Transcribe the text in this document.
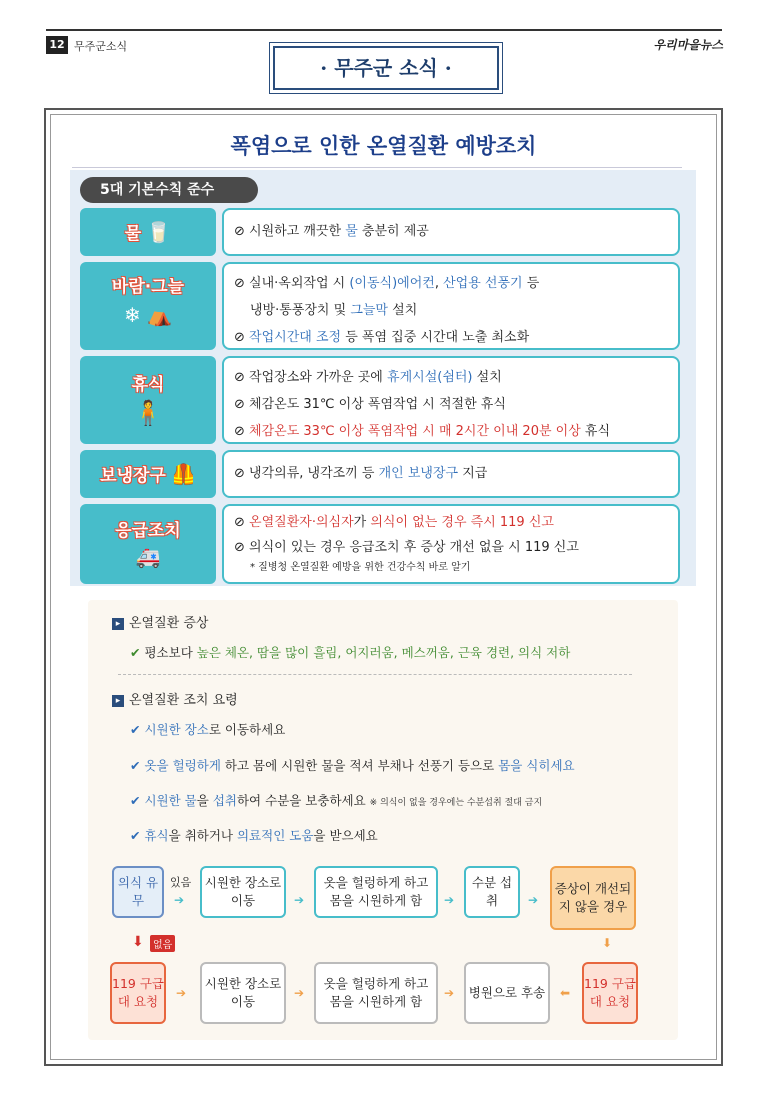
12 무주군소식	우리마을뉴스
· 무주군 소식 ·
폭염으로 인한 온열질환 예방조치
5대 기본수칙 준수
물 🥛	⊘ 시원하고 깨끗한 물 충분히 제공
바람·그늘
❄ ⛺
⊘ 실내·옥외작업 시 (이동식)에어컨, 산업용 선풍기 등
냉방·통풍장치 및 그늘막 설치
⊘ 작업시간대 조정 등 폭염 집중 시간대 노출 최소화
휴식
🧍
⊘ 작업장소와 가까운 곳에 휴게시설(쉼터) 설치
⊘ 체감온도 31℃ 이상 폭염작업 시 적절한 휴식
⊘ 체감온도 33℃ 이상 폭염작업 시 매 2시간 이내 20분 이상 휴식
보냉장구 🦺	⊘ 냉각의류, 냉각조끼 등 개인 보냉장구 지급
응급조치
🚑
⊘ 온열질환자·의심자가 의식이 없는 경우 즉시 119 신고
⊘ 의식이 있는 경우 응급조치 후 증상 개선 없을 시 119 신고
* 질병청 온열질환 예방을 위한 건강수칙 바로 알기
▸ 온열질환 증상
✔ 평소보다 높은 체온, 땀을 많이 흘림, 어지러움, 메스꺼움, 근육 경련, 의식 저하
▸ 온열질환 조치 요령
✔ 시원한 장소로 이동하세요
✔ 옷을 헐렁하게 하고 몸에 시원한 물을 적셔 부채나 선풍기 등으로 몸을 식히세요
✔ 시원한 물을 섭취하여 수분을 보충하세요 ※ 의식이 없을 경우에는 수분섭취 절대 금지
✔ 휴식을 취하거나 의료적인 도움을 받으세요
의식 유무
있음
➔
시원한 장소로 이동	➔
옷을 헐렁하게 하고 몸을 시원하게 함	➔
수분 섭취	➔
증상이 개선되지 않을 경우
⬇ 없음	⬇
119 구급대 요청
➔
시원한 장소로 이동
➔
옷을 헐렁하게 하고 몸을 시원하게 함
➔	병원으로 후송	⬅
119 구급대 요청
